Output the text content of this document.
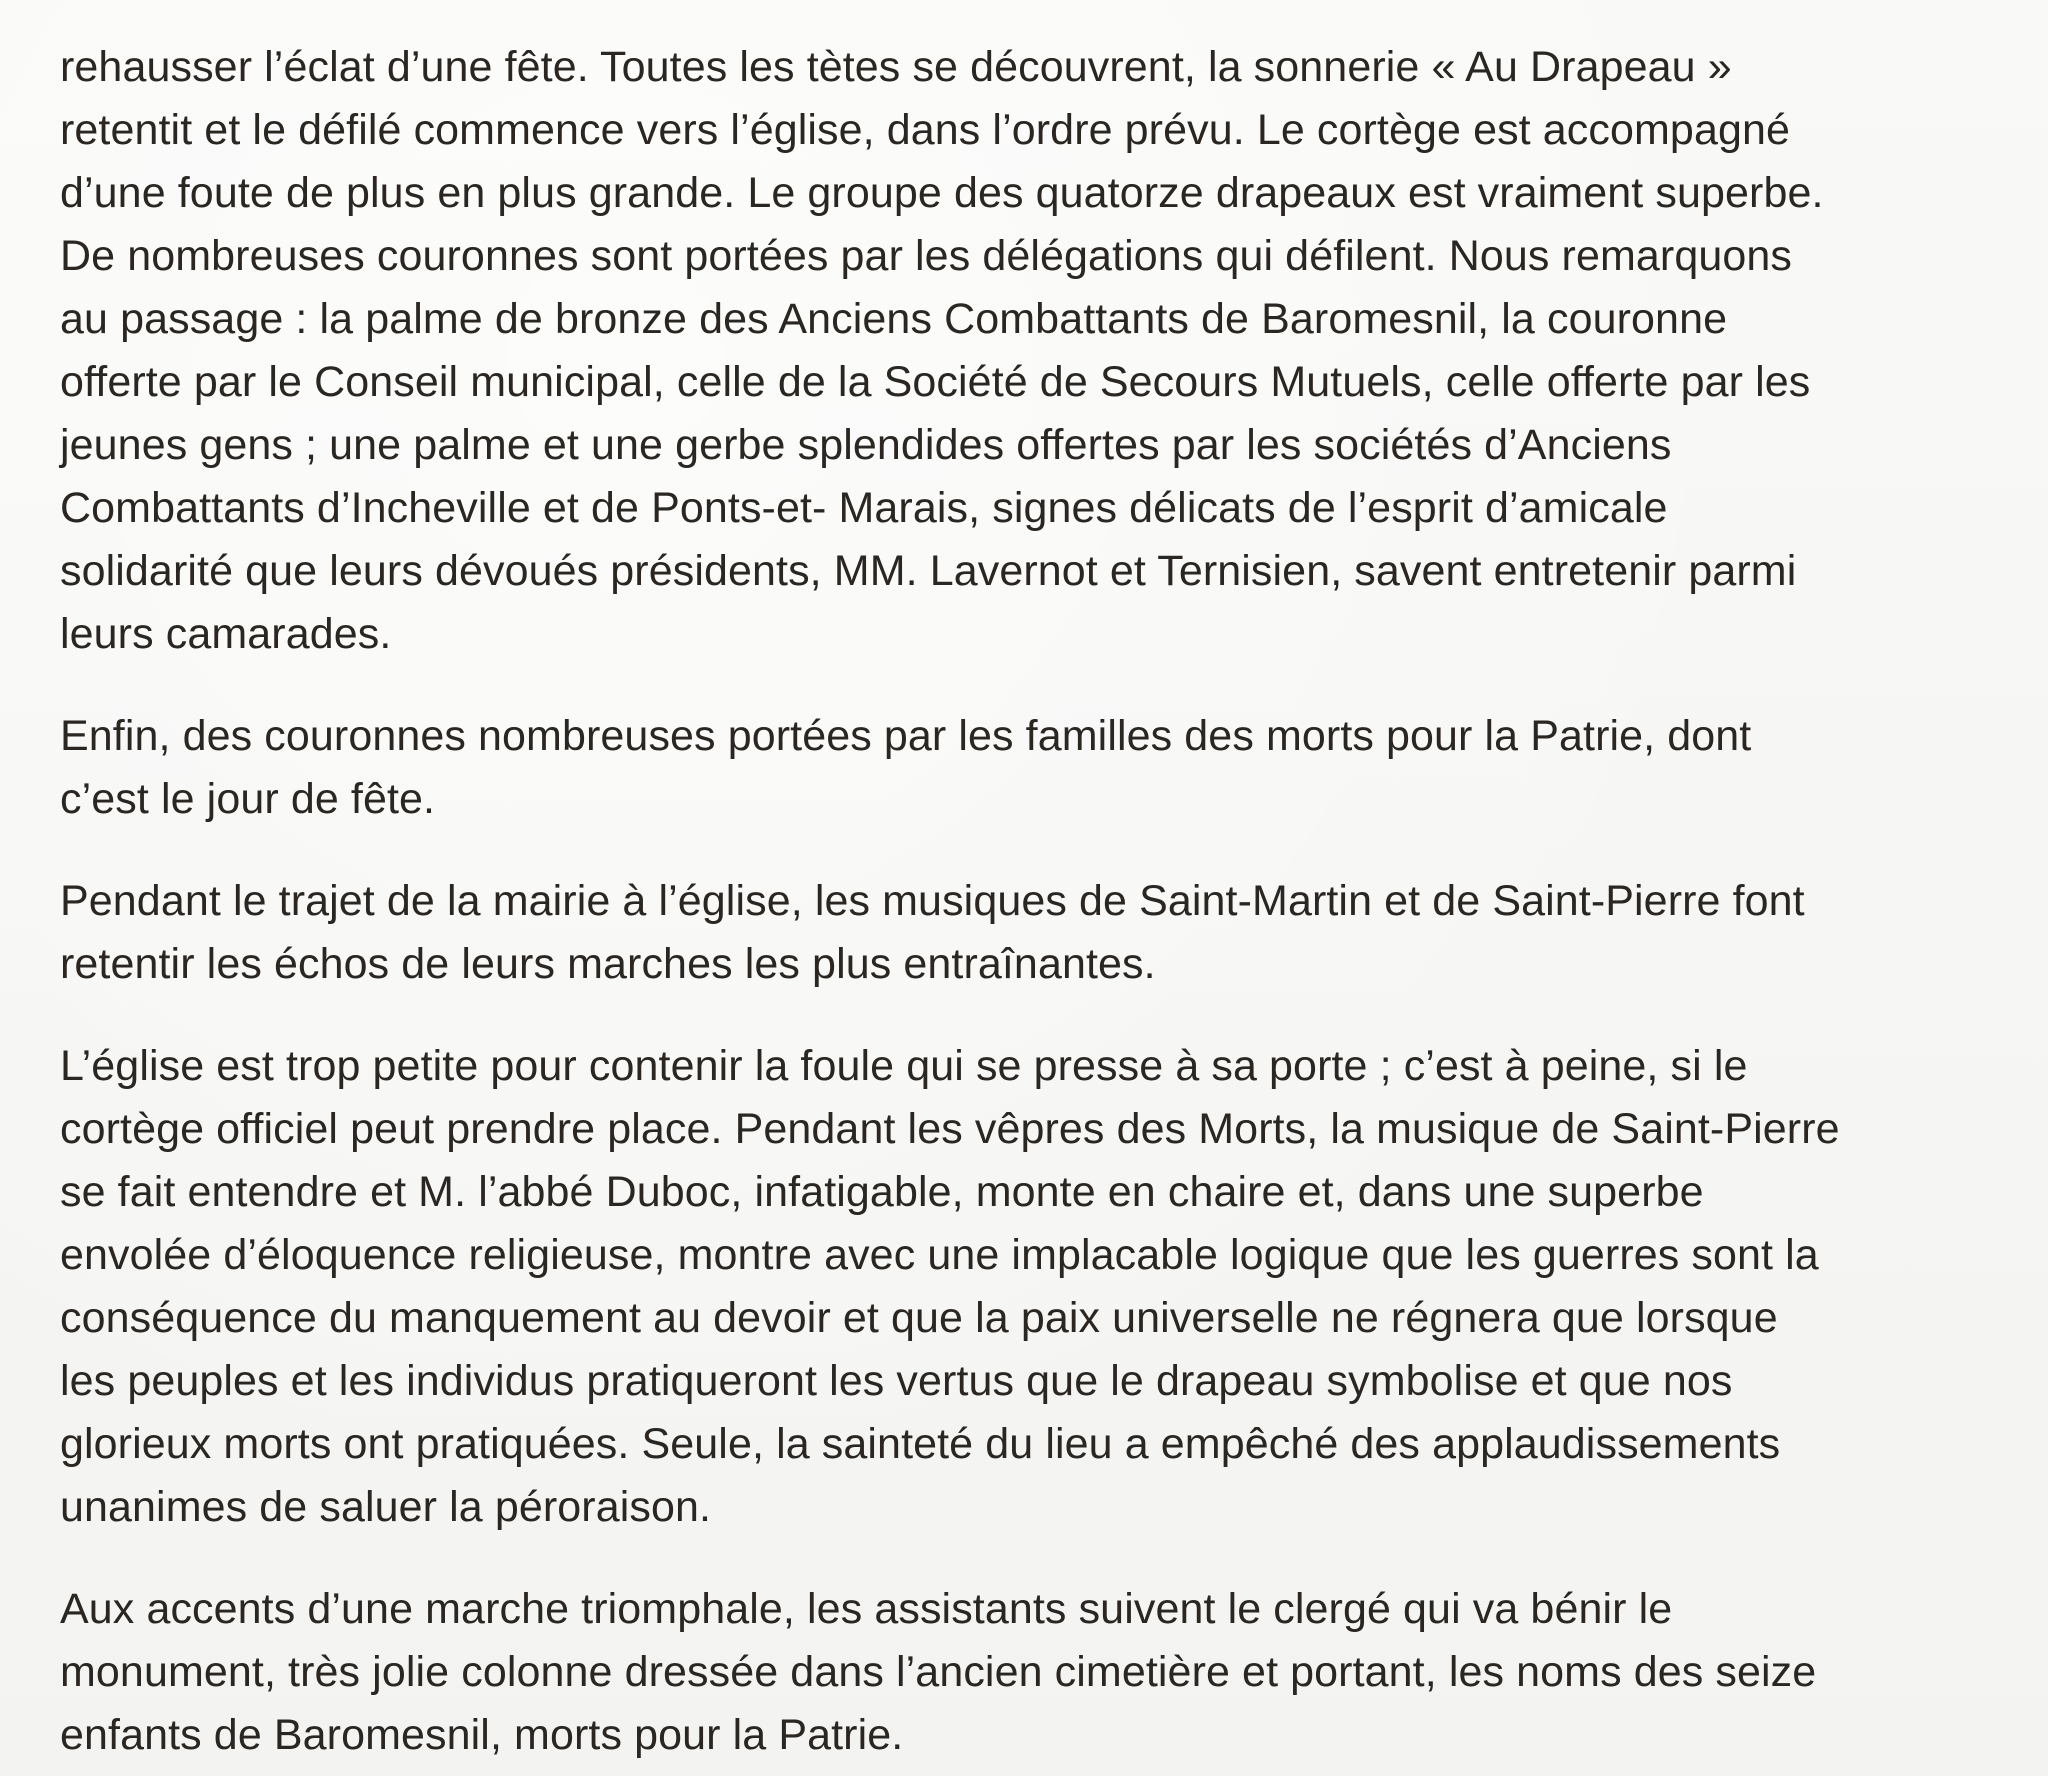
rehausser l’éclat d’une fête. Toutes les tètes se découvrent, la sonnerie « Au Drapeau »
retentit et le défilé commence vers l’église, dans l’ordre prévu. Le cortège est accompagné
d’une foute de plus en plus grande. Le groupe des quatorze drapeaux est vraiment superbe.
De nombreuses couronnes sont portées par les délégations qui défilent. Nous remarquons
au passage : la palme de bronze des Anciens Combattants de Baromesnil, la couronne
offerte par le Conseil municipal, celle de la Société de Secours Mutuels, celle offerte par les
jeunes gens ; une palme et une gerbe splendides offertes par les sociétés d’Anciens
Combattants d’Incheville et de Ponts-et- Marais, signes délicats de l’esprit d’amicale
solidarité que leurs dévoués présidents, MM. Lavernot et Ternisien, savent entretenir parmi
leurs camarades.

Enfin, des couronnes nombreuses portées par les familles des morts pour la Patrie, dont
c’est le jour de fête.

Pendant le trajet de la mairie à l’église, les musiques de Saint-Martin et de Saint-Pierre font
retentir les échos de leurs marches les plus entraînantes.

L’église est trop petite pour contenir la foule qui se presse à sa porte ; c’est à peine, si le
cortège officiel peut prendre place. Pendant les vêpres des Morts, la musique de Saint-Pierre
se fait entendre et M. l’abbé Duboc, infatigable, monte en chaire et, dans une superbe
envolée d’éloquence religieuse, montre avec une implacable logique que les guerres sont la
conséquence du manquement au devoir et que la paix universelle ne régnera que lorsque
les peuples et les individus pratiqueront les vertus que le drapeau symbolise et que nos
glorieux morts ont pratiquées. Seule, la sainteté du lieu a empêché des applaudissements
unanimes de saluer la péroraison.

Aux accents d’une marche triomphale, les assistants suivent le clergé qui va bénir le
monument, très jolie colonne dressée dans l’ancien cimetière et portant, les noms des seize
enfants de Baromesnil, morts pour la Patrie.
